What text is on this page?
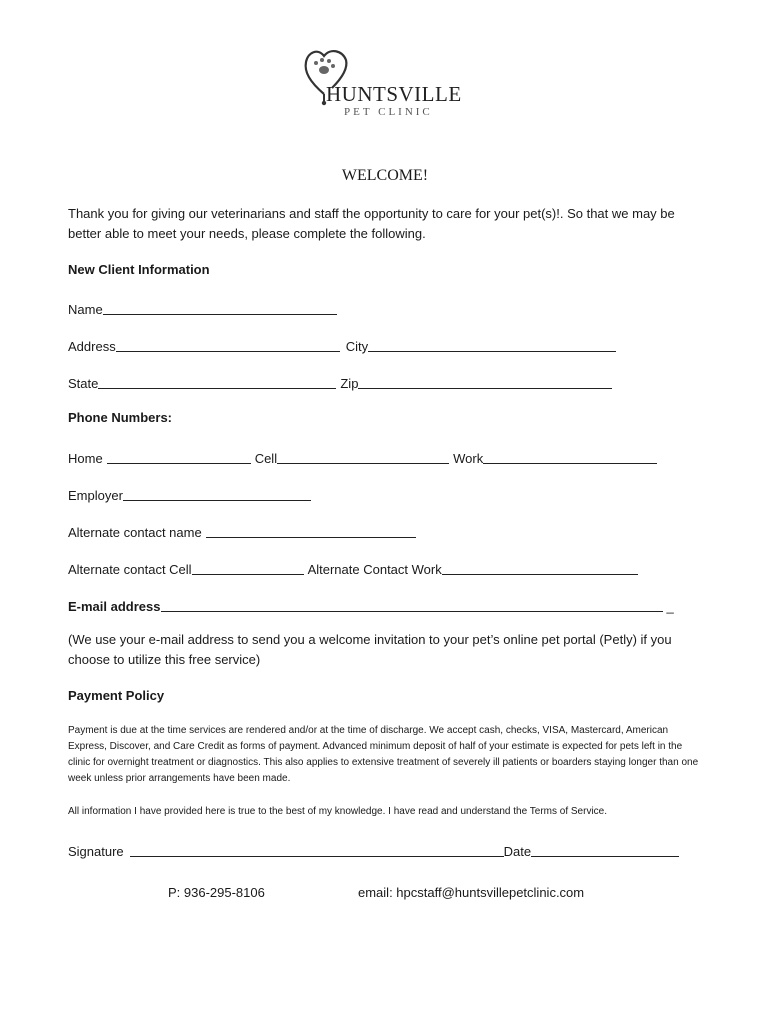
HUNTSVILLE
PET CLINIC
WELCOME!
Thank you for giving our veterinarians and staff the opportunity to care for your pet(s)!. So that we may be better able to meet your needs, please complete the following.
New Client Information
Name
Address	City
State	Zip
Phone Numbers:
Home	Cell	Work
Employer
Alternate contact name
Alternate contact Cell	Alternate Contact Work
E-mail address	_
(We use your e-mail address to send you a welcome invitation to your pet’s online pet portal (Petly) if you choose to utilize this free service)
Payment Policy
Payment is due at the time services are rendered and/or at the time of discharge. We accept cash, checks, VISA, Mastercard, American Express, Discover, and Care Credit as forms of payment. Advanced minimum deposit of half of your estimate is expected for pets left in the clinic for overnight treatment or diagnostics. This also applies to extensive treatment of severely ill patients or boarders staying longer than one week unless prior arrangements have been made.
All information I have provided here is true to the best of my knowledge. I have read and understand the Terms of Service.
Signature	Date
P: 936-295-8106	email: hpcstaff@huntsvillepetclinic.com
